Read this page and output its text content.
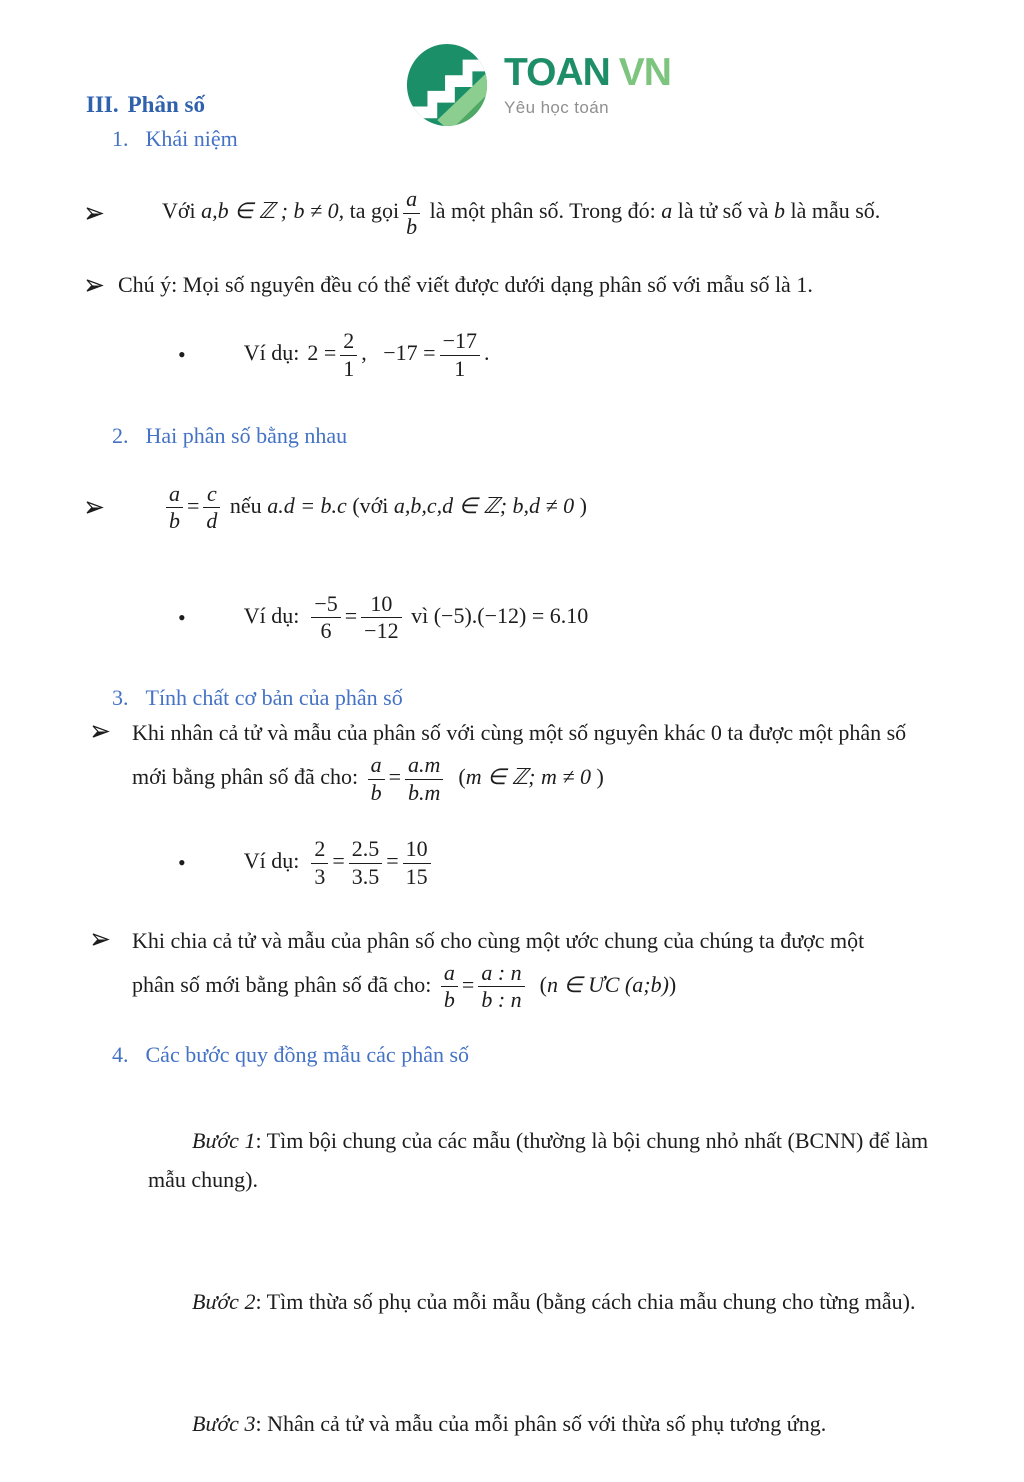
TOAN VN
Yêu học toán
III. Phân số
1. Khái niệm

Với a,b ∈ ℤ ; b ≠ 0, ta gọi $\frac{a}{b}$ là một phân số. Trong đó: a là tử số và b là mẫu số.

Chú ý: Mọi số nguyên đều có thể viết được dưới dạng phân số với mẫu số là 1.
•	Ví dụ: $2 = \frac{2}{1}$ ,   $-17 = \frac{-17}{1}$ .

2. Hai phân số bằng nhau

$\frac{a}{b} = \frac{c}{d}$ nếu a.d = b.c (với a,b,c,d ∈ ℤ; b,d ≠ 0 )

•	Ví dụ: $\frac{-5}{6} = \frac{10}{-12}$ vì (−5).(−12) = 6.10

3. Tính chất cơ bản của phân số
Khi nhân cả tử và mẫu của phân số với cùng một số nguyên khác 0 ta được một phân số
mới bằng phân số đã cho: $\frac{a}{b} = \frac{a.m}{b.m} (m$ ∈ ℤ; m ≠ 0 )
•	Ví dụ: $\frac{2}{3} = \frac{2.5}{3.5} = \frac{10}{15}$

Khi chia cả tử và mẫu của phân số cho cùng một ước chung của chúng ta được một
phân số mới bằng phân số đã cho: $\frac{a}{b} = \frac{a : n}{b : n} (n$ ∈ ƯC (a;b))
4. Các bước quy đồng mẫu các phân số

Bước 1: Tìm bội chung của các mẫu (thường là bội chung nhỏ nhất (BCNN) để làm mẫu chung).

Bước 2: Tìm thừa số phụ của mỗi mẫu (bằng cách chia mẫu chung cho từng mẫu).

Bước 3: Nhân cả tử và mẫu của mỗi phân số với thừa số phụ tương ứng.
